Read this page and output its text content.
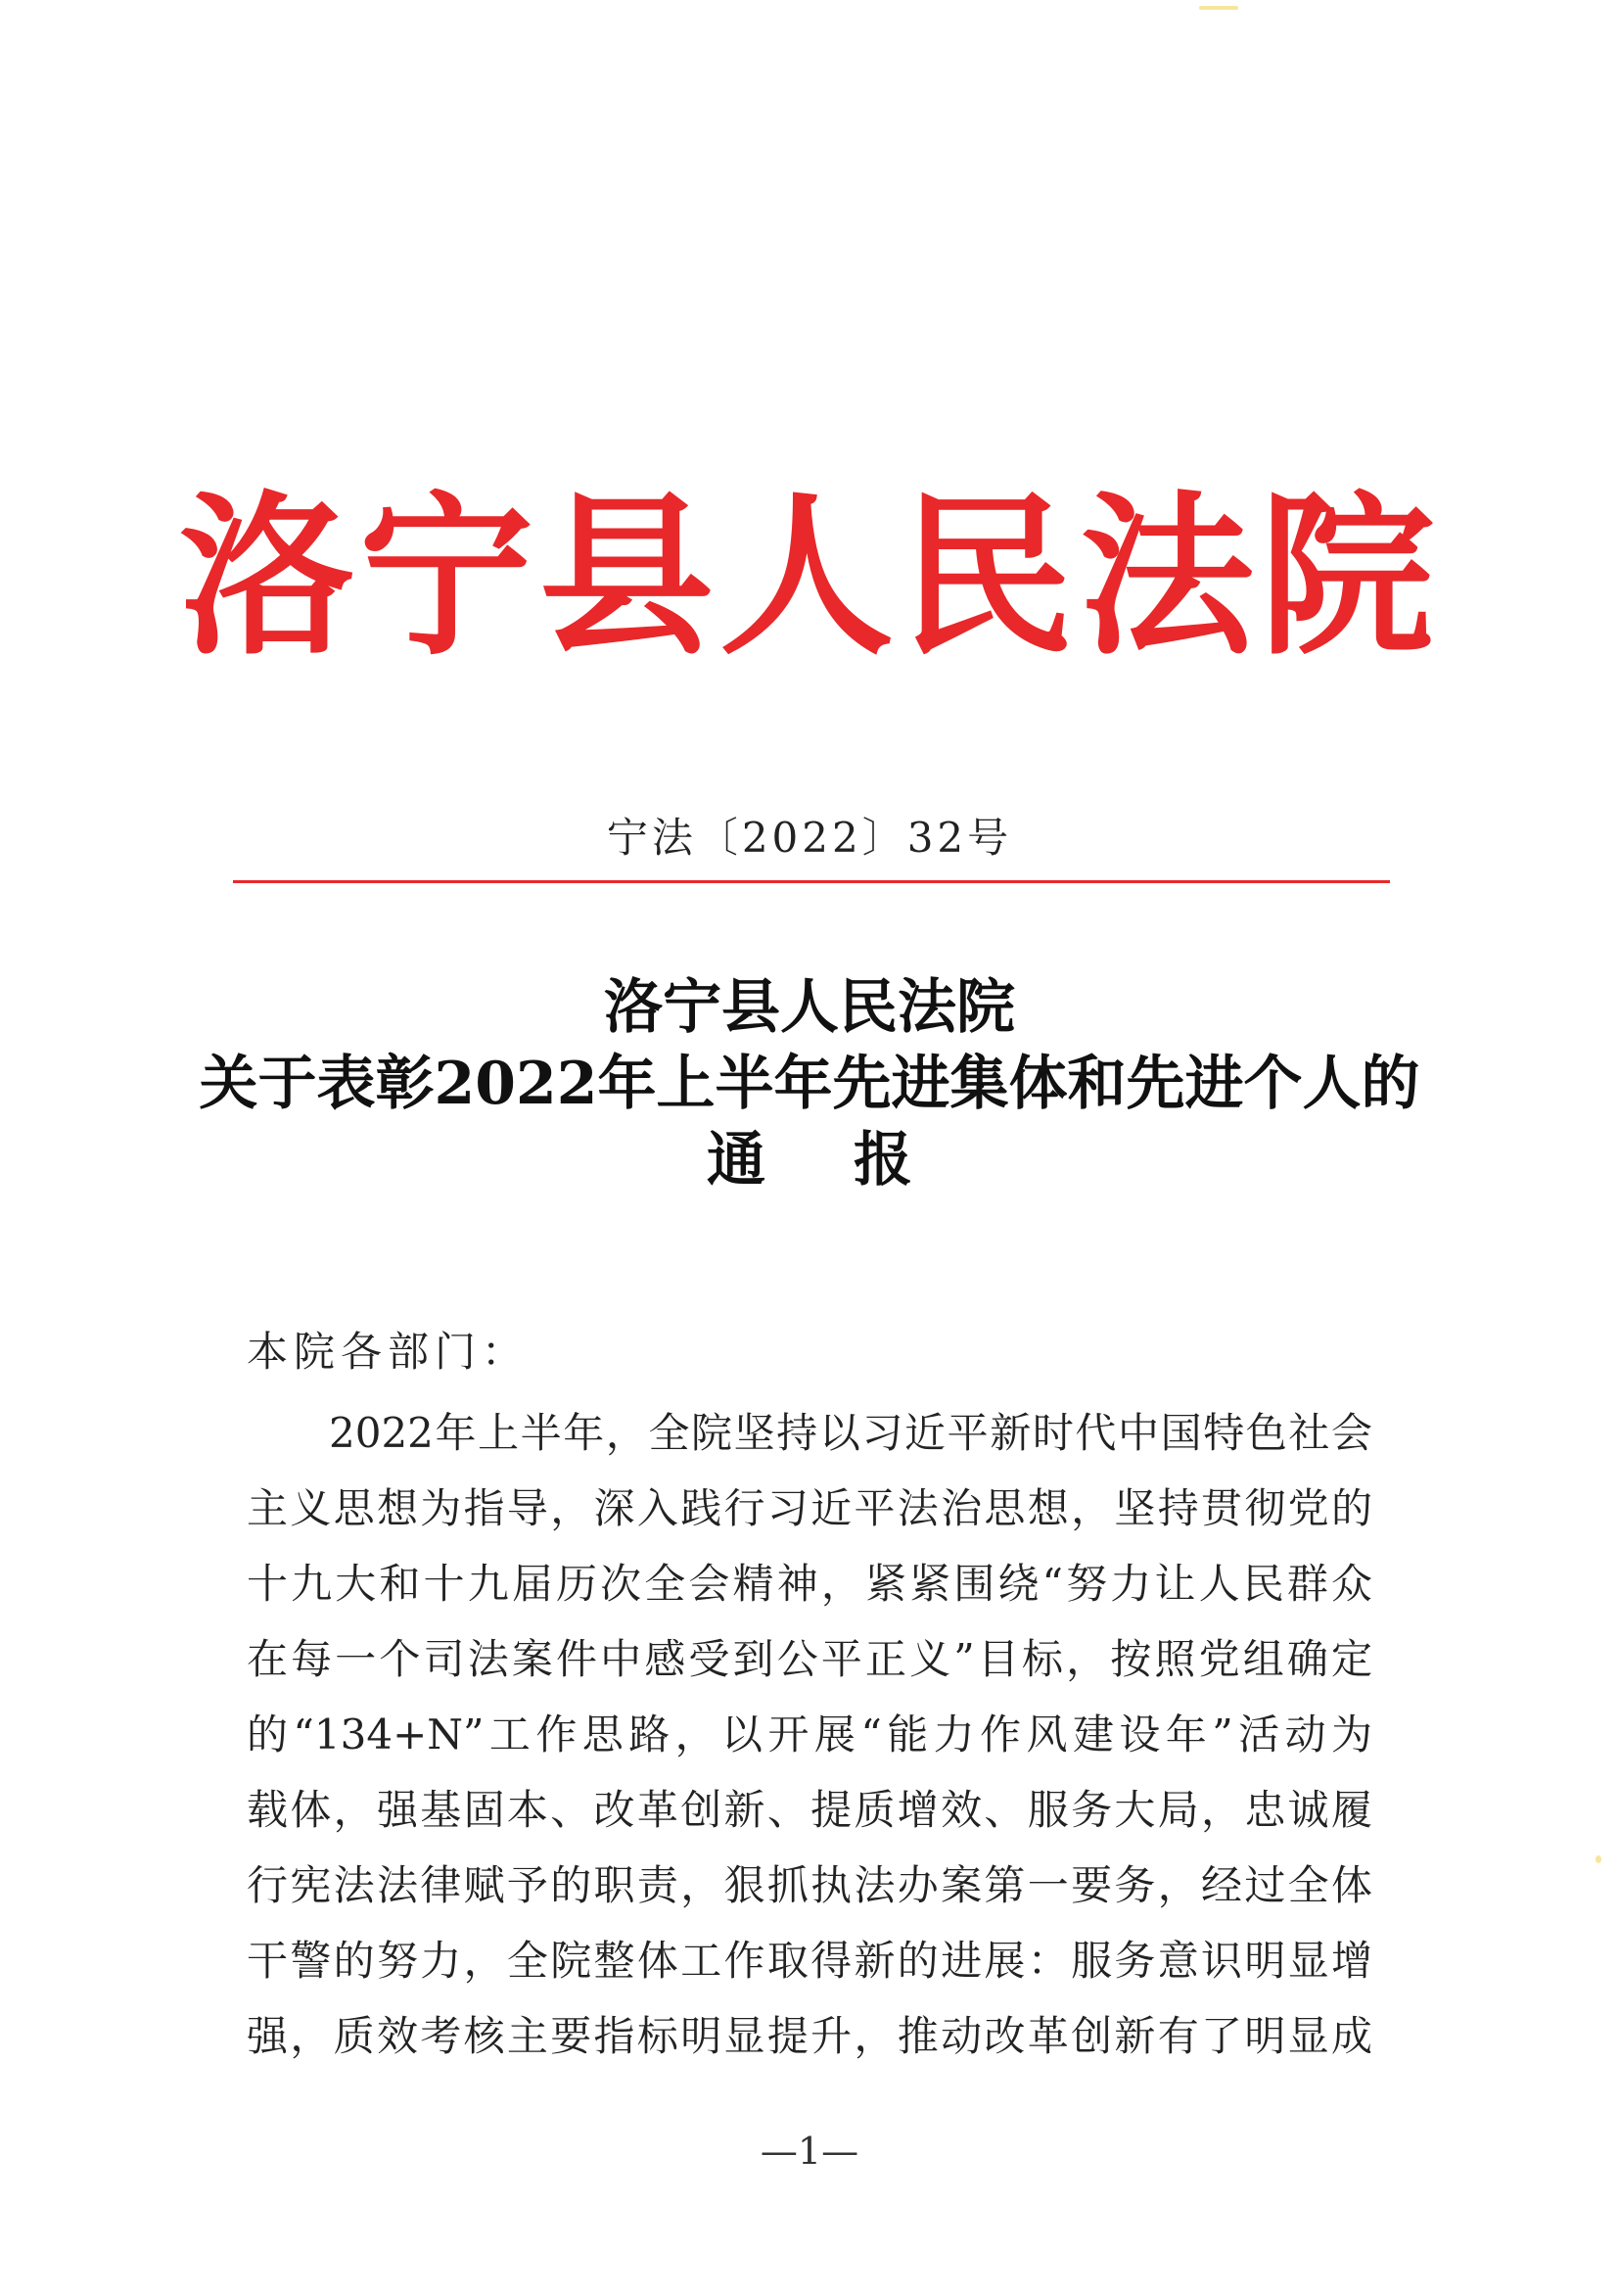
洛宁县人民法院
宁法〔2022〕32号
洛宁县人民法院
关于表彰2022年上半年先进集体和先进个人的
通报
本院各部门：
2022年上半年，全院坚持以习近平新时代中国特色社会
主义思想为指导，深入践行习近平法治思想，坚持贯彻党的
十九大和十九届历次全会精神，紧紧围绕“努力让人民群众
在每一个司法案件中感受到公平正义”目标，按照党组确定
的“134+N”工作思路，以开展“能力作风建设年”活动为
载体，强基固本、改革创新、提质增效、服务大局，忠诚履
行宪法法律赋予的职责，狠抓执法办案第一要务，经过全体
干警的努力，全院整体工作取得新的进展：服务意识明显增
强，质效考核主要指标明显提升，推动改革创新有了明显成
—1—
